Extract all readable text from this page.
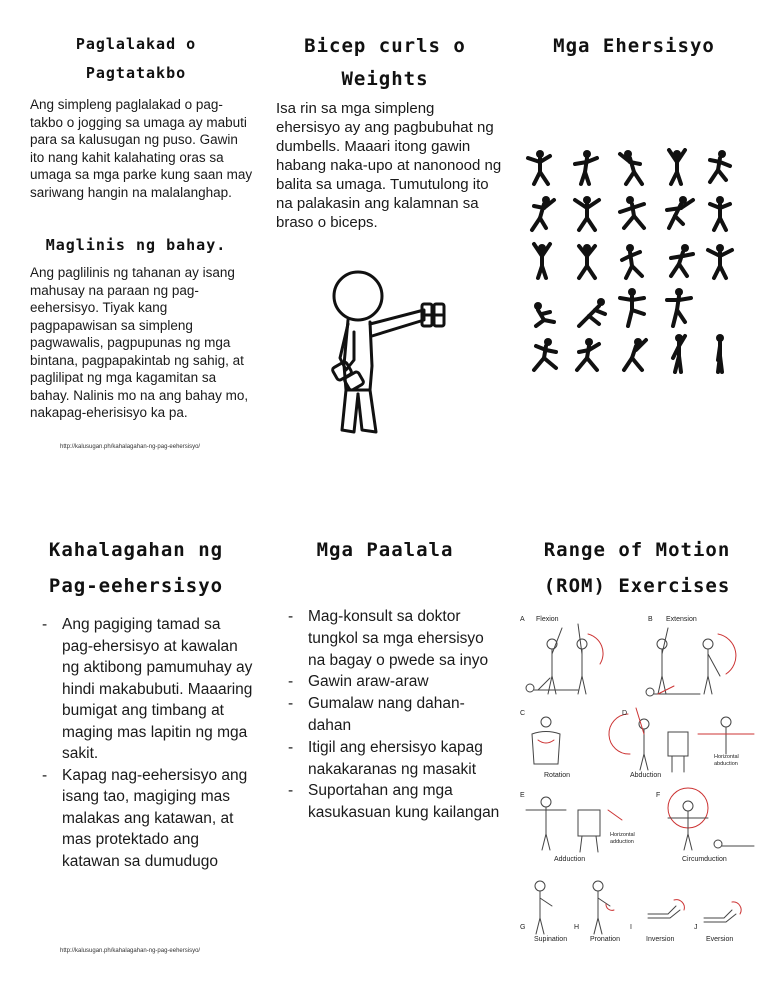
Paglalakad o
Pagtatakbo
Ang simpleng paglalakad o pag-takbo o jogging sa umaga ay mabuti para sa kalusugan ng puso. Gawin ito nang kahit kalahating oras sa umaga sa mga parke kung saan may sariwang hangin na malalanghap.
Maglinis ng bahay.
Ang paglilinis ng tahanan ay isang mahusay na paraan ng pag-eehersisyo. Tiyak kang pagpapawisan sa simpleng pagwawalis, pagpupunas ng mga bintana, pagpapakintab ng sahig, at paglilipat ng mga kagamitan sa bahay. Nalinis mo na ang bahay mo, nakapag-eherisisyo ka pa.
http://kalusugan.ph/kahalagahan-ng-pag-eehersisyo/
Bicep curls o
Weights
Isa rin sa mga simpleng ehersisyo ay ang pagbubuhat ng dumbells. Maaari itong gawin habang naka-upo at nanonood ng balita sa umaga. Tumutulong ito na palakasin ang kalamnan sa braso o biceps.
Mga Ehersisyo
Kahalagahan ng
Pag-eehersisyo
- Ang pagiging tamad sa pag-ehersisyo at kawalan ng aktibong pamumuhay ay hindi makabubuti. Maaaring bumigat ang timbang at maging mas lapitin ng mga sakit.
- Kapag nag-eehersisyo ang isang tao, magiging mas malakas ang katawan, at mas protektado ang katawan sa dumudugo
http://kalusugan.ph/kahalagahan-ng-pag-eehersisyo/
Mga Paalala
- Mag-konsult sa doktor tungkol sa mga ehersisyo na bagay o pwede sa inyo
- Gawin araw-araw
- Gumalaw nang dahan-dahan
- Itigil ang ehersisyo kapag nakakaranas ng masakit
- Suportahan ang mga kasukasuan kung kailangan
Range of Motion
(ROM) Exercises
A	B
C	D
E	F
G	H	I	J
Flexion	Extension
Rotation	Abduction
Horizontal abduction
Horizontal adduction
Adduction	Circumduction
Supination	Pronation	Inversion	Eversion
